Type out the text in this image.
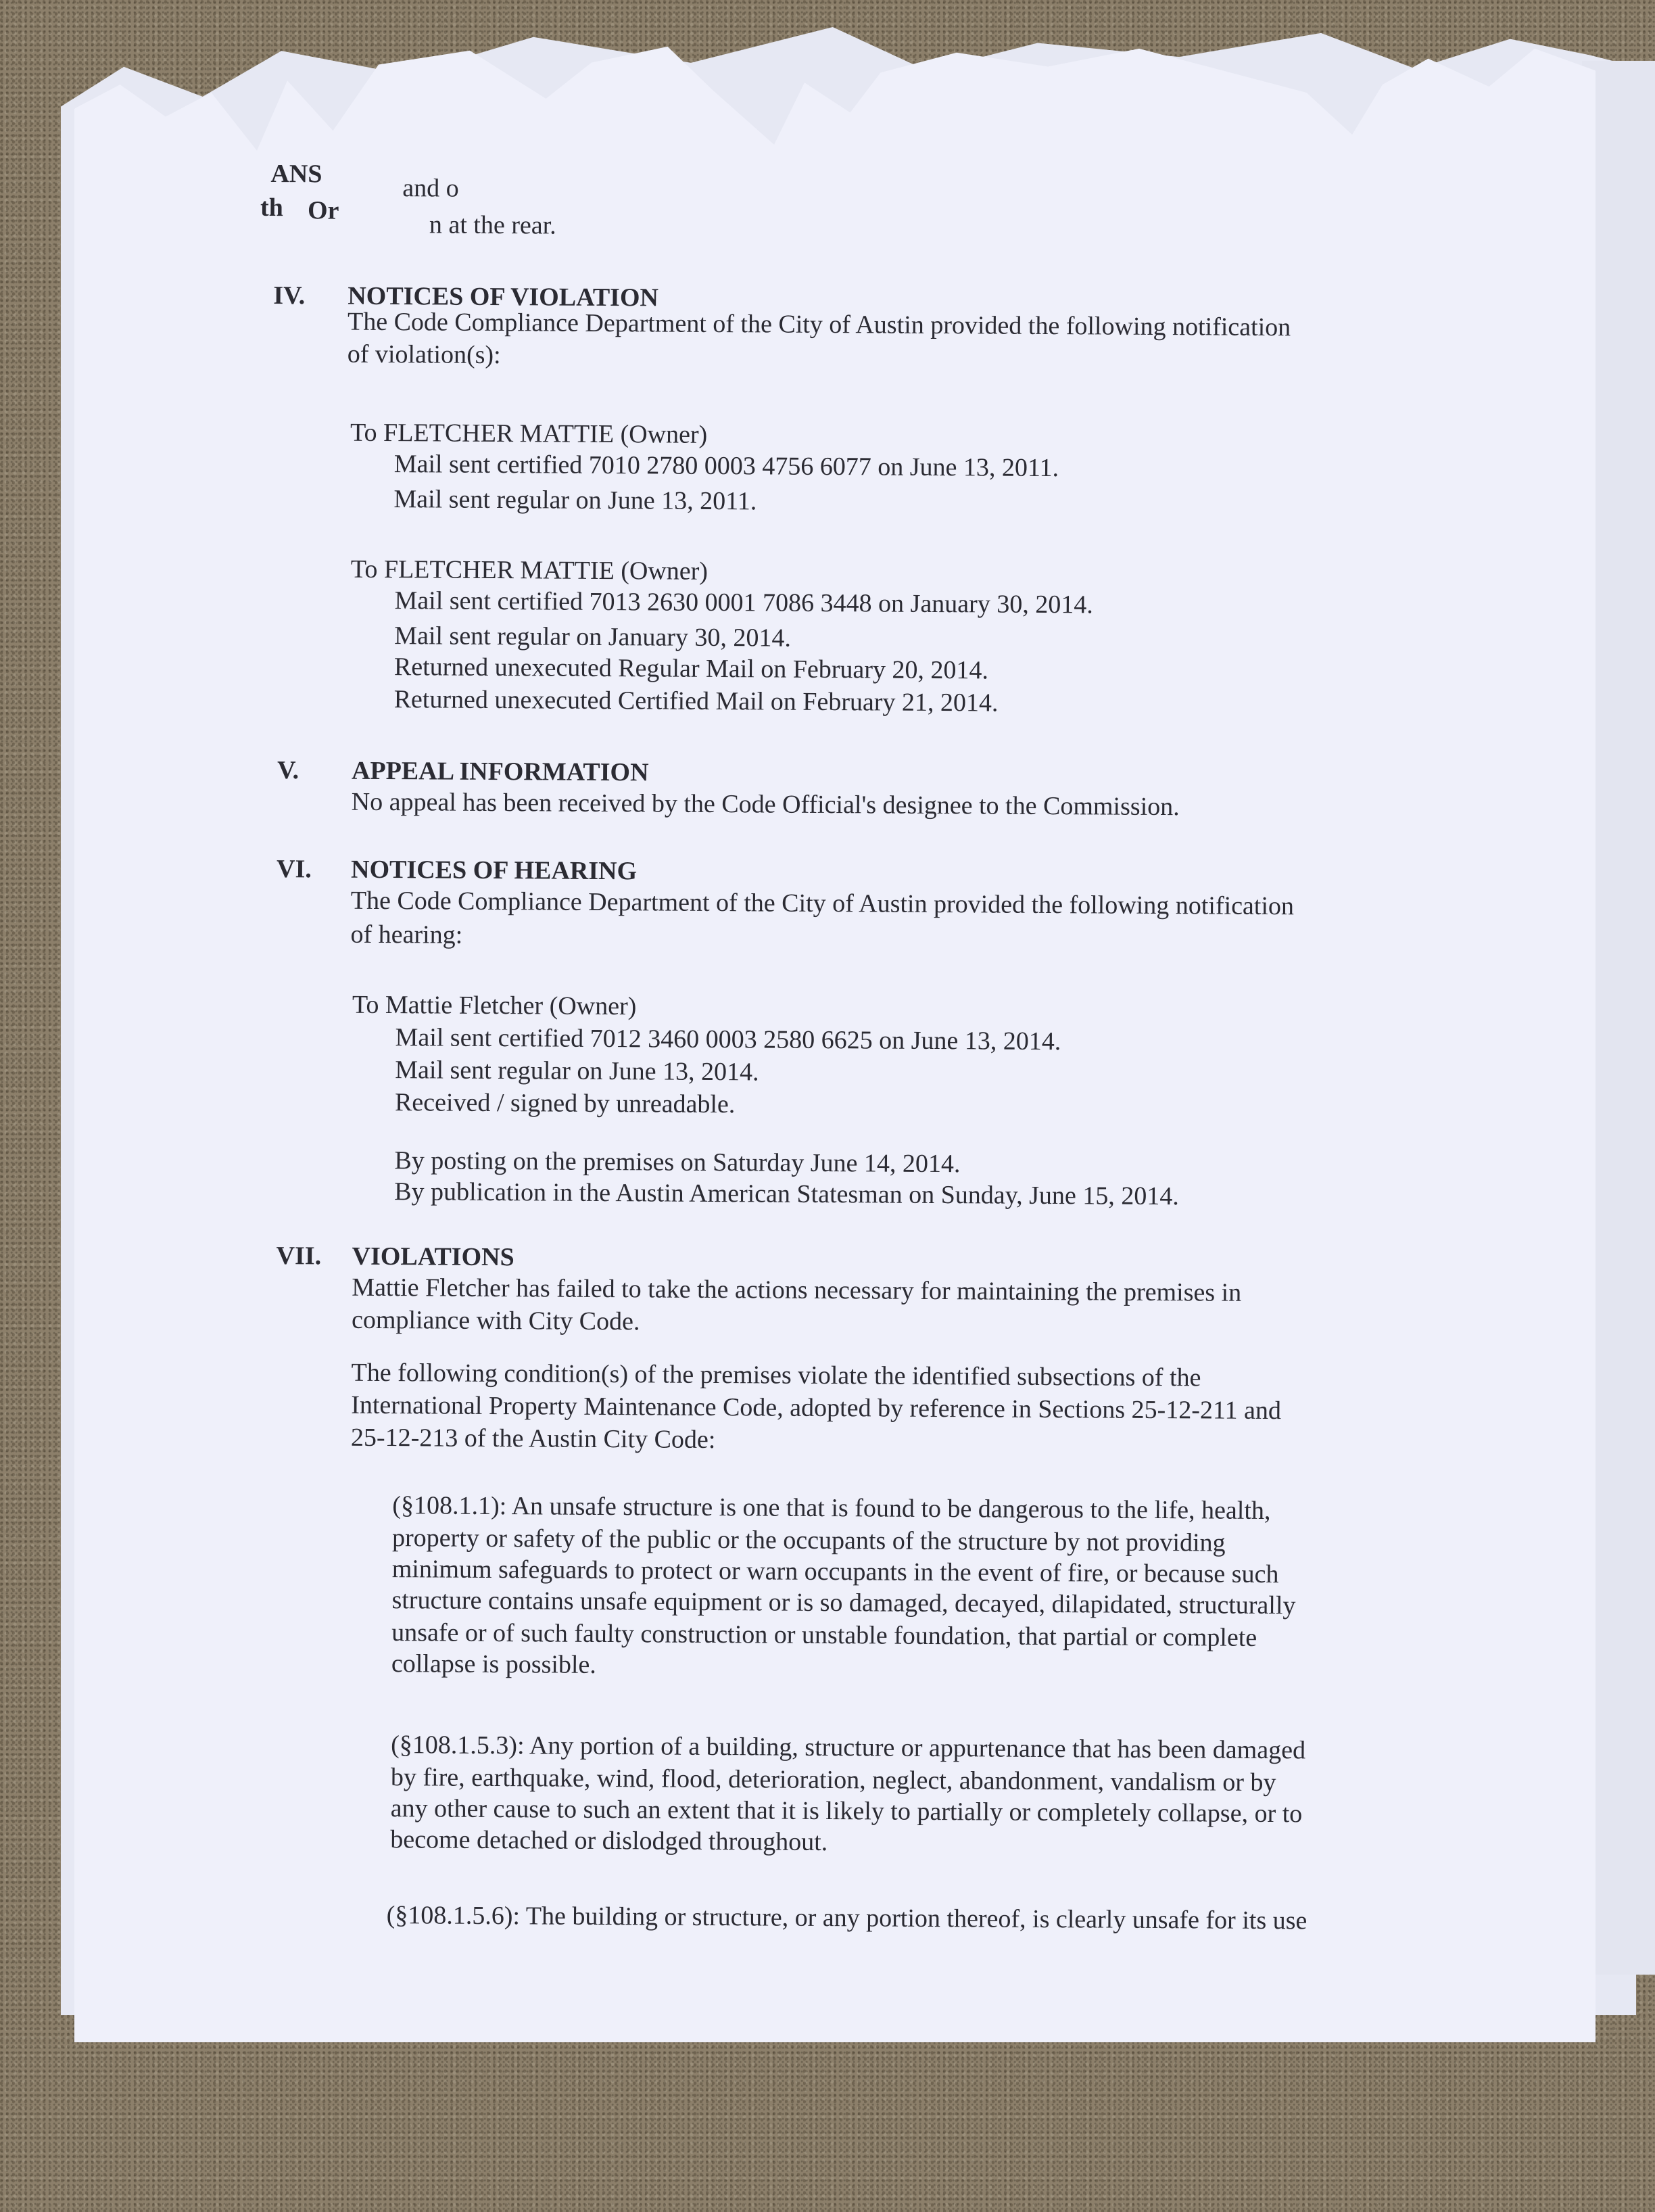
ANS	and o
th Or	n at the rear.
IV. NOTICES OF VIOLATION
The Code Compliance Department of the City of Austin provided the following notification
of violation(s):
To FLETCHER MATTIE (Owner)
Mail sent certified 7010 2780 0003 4756 6077 on June 13, 2011.
Mail sent regular on June 13, 2011.
To FLETCHER MATTIE (Owner)
Mail sent certified 7013 2630 0001 7086 3448 on January 30, 2014.
Mail sent regular on January 30, 2014.
Returned unexecuted Regular Mail on February 20, 2014.
Returned unexecuted Certified Mail on February 21, 2014.
V. APPEAL INFORMATION
No appeal has been received by the Code Official's designee to the Commission.
VI. NOTICES OF HEARING
The Code Compliance Department of the City of Austin provided the following notification
of hearing:
To Mattie Fletcher (Owner)
Mail sent certified 7012 3460 0003 2580 6625 on June 13, 2014.
Mail sent regular on June 13, 2014.
Received / signed by unreadable.
By posting on the premises on Saturday June 14, 2014.
By publication in the Austin American Statesman on Sunday, June 15, 2014.
VII. VIOLATIONS
Mattie Fletcher has failed to take the actions necessary for maintaining the premises in
compliance with City Code.
The following condition(s) of the premises violate the identified subsections of the
International Property Maintenance Code, adopted by reference in Sections 25-12-211 and
25-12-213 of the Austin City Code:
(§108.1.1): An unsafe structure is one that is found to be dangerous to the life, health,
property or safety of the public or the occupants of the structure by not providing
minimum safeguards to protect or warn occupants in the event of fire, or because such
structure contains unsafe equipment or is so damaged, decayed, dilapidated, structurally
unsafe or of such faulty construction or unstable foundation, that partial or complete
collapse is possible.
(§108.1.5.3): Any portion of a building, structure or appurtenance that has been damaged
by fire, earthquake, wind, flood, deterioration, neglect, abandonment, vandalism or by
any other cause to such an extent that it is likely to partially or completely collapse, or to
become detached or dislodged throughout.
(§108.1.5.6): The building or structure, or any portion thereof, is clearly unsafe for its use
